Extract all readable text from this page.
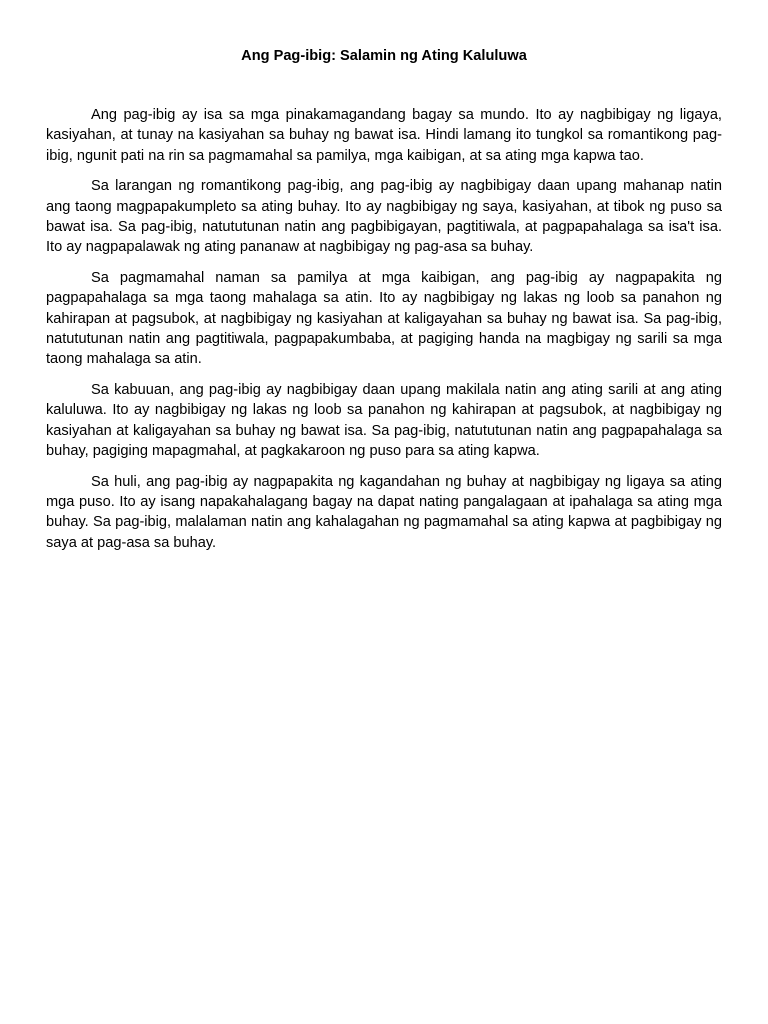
Ang Pag-ibig: Salamin ng Ating Kaluluwa

Ang pag-ibig ay isa sa mga pinakamagandang bagay sa mundo. Ito ay nagbibigay ng ligaya, kasiyahan, at tunay na kasiyahan sa buhay ng bawat isa. Hindi lamang ito tungkol sa romantikong pag-ibig, ngunit pati na rin sa pagmamahal sa pamilya, mga kaibigan, at sa ating mga kapwa tao.

Sa larangan ng romantikong pag-ibig, ang pag-ibig ay nagbibigay daan upang mahanap natin ang taong magpapakumpleto sa ating buhay. Ito ay nagbibigay ng saya, kasiyahan, at tibok ng puso sa bawat isa. Sa pag-ibig, natututunan natin ang pagbibigayan, pagtitiwala, at pagpapahalaga sa isa't isa. Ito ay nagpapalawak ng ating pananaw at nagbibigay ng pag-asa sa buhay.

Sa pagmamahal naman sa pamilya at mga kaibigan, ang pag-ibig ay nagpapakita ng pagpapahalaga sa mga taong mahalaga sa atin. Ito ay nagbibigay ng lakas ng loob sa panahon ng kahirapan at pagsubok, at nagbibigay ng kasiyahan at kaligayahan sa buhay ng bawat isa. Sa pag-ibig, natututunan natin ang pagtitiwala, pagpapakumbaba, at pagiging handa na magbigay ng sarili sa mga taong mahalaga sa atin.

Sa kabuuan, ang pag-ibig ay nagbibigay daan upang makilala natin ang ating sarili at ang ating kaluluwa. Ito ay nagbibigay ng lakas ng loob sa panahon ng kahirapan at pagsubok, at nagbibigay ng kasiyahan at kaligayahan sa buhay ng bawat isa. Sa pag-ibig, natututunan natin ang pagpapahalaga sa buhay, pagiging mapagmahal, at pagkakaroon ng puso para sa ating kapwa.

Sa huli, ang pag-ibig ay nagpapakita ng kagandahan ng buhay at nagbibigay ng ligaya sa ating mga puso. Ito ay isang napakahalagang bagay na dapat nating pangalagaan at ipahalaga sa ating mga buhay. Sa pag-ibig, malalaman natin ang kahalagahan ng pagmamahal sa ating kapwa at pagbibigay ng saya at pag-asa sa buhay.
